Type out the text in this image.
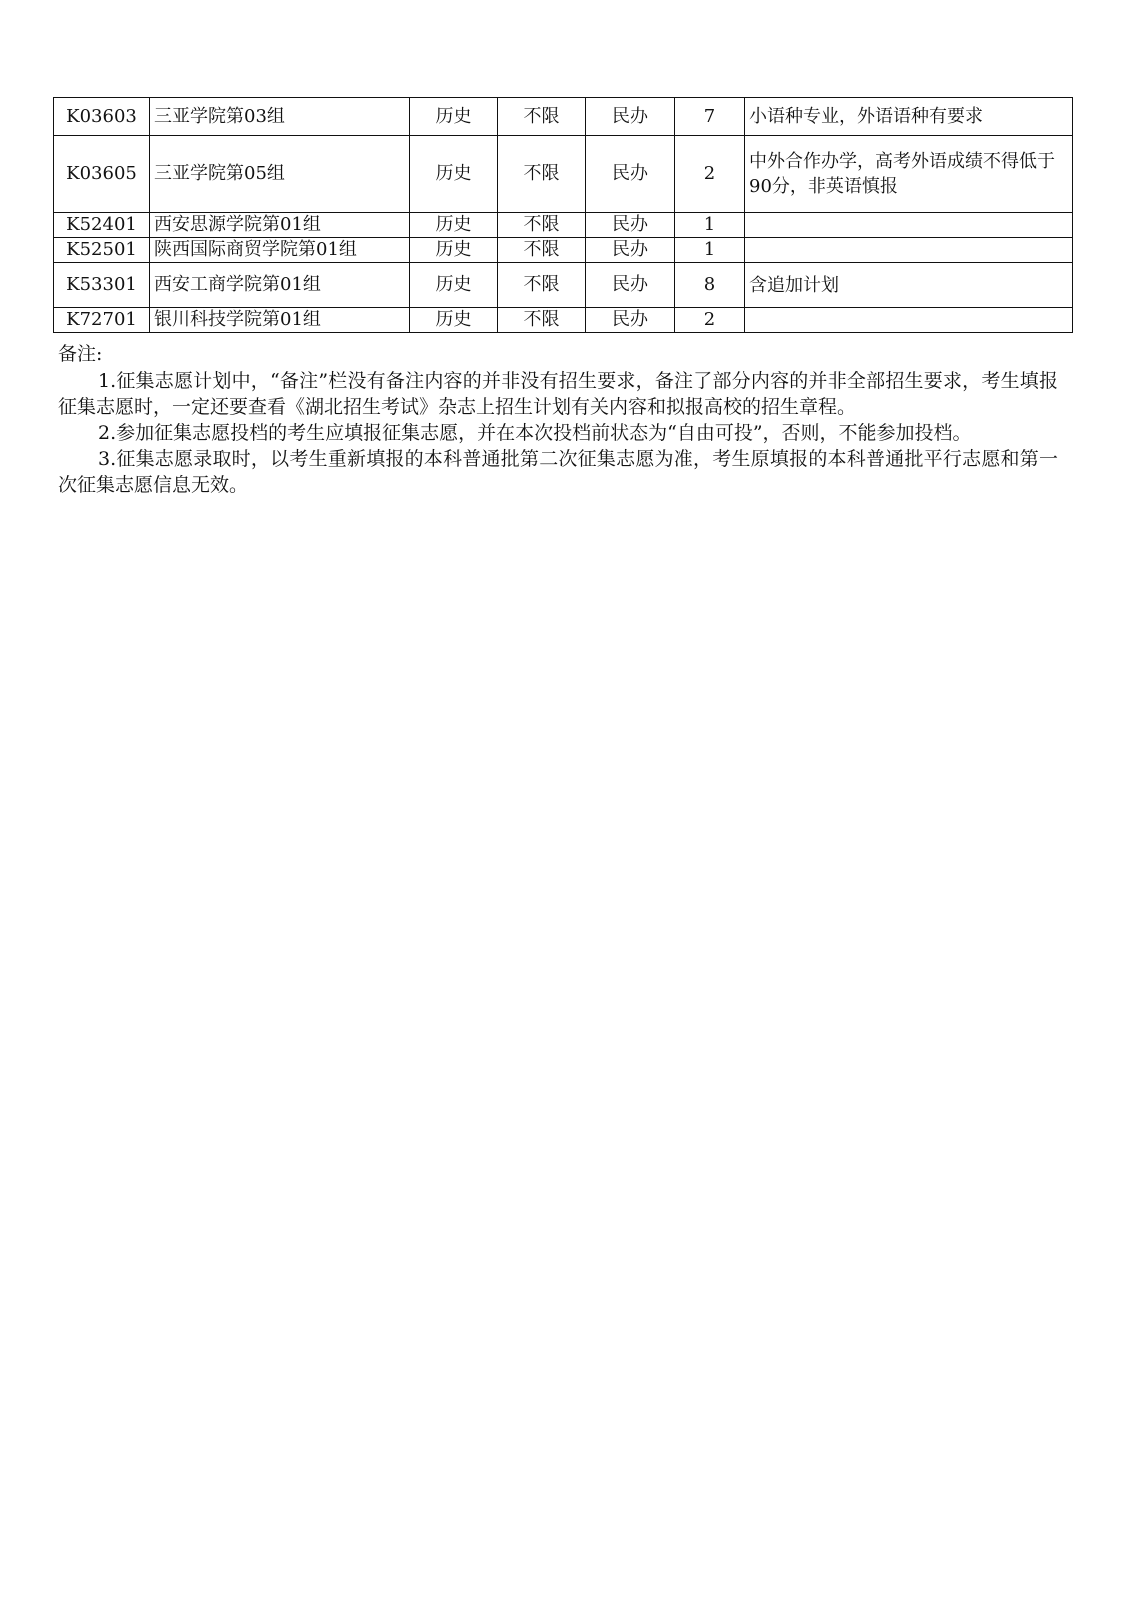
K03603	三亚学院第03组	历史	不限	民办	7	小语种专业，外语语种有要求
K03605	三亚学院第05组	历史	不限	民办	2	中外合作办学，高考外语成绩不得低于90分，非英语慎报
K52401	西安思源学院第01组	历史	不限	民办	1	
K52501	陕西国际商贸学院第01组	历史	不限	民办	1	
K53301	西安工商学院第01组	历史	不限	民办	8	含追加计划
K72701	银川科技学院第01组	历史	不限	民办	2	
备注:

1.征集志愿计划中，“备注”栏没有备注内容的并非没有招生要求，备注了部分内容的并非全部招生要求，考生填报征集志愿时，一定还要查看《湖北招生考试》杂志上招生计划有关内容和拟报高校的招生章程。

2.参加征集志愿投档的考生应填报征集志愿，并在本次投档前状态为“自由可投”，否则，不能参加投档。

3.征集志愿录取时，以考生重新填报的本科普通批第二次征集志愿为准，考生原填报的本科普通批平行志愿和第一次征集志愿信息无效。
